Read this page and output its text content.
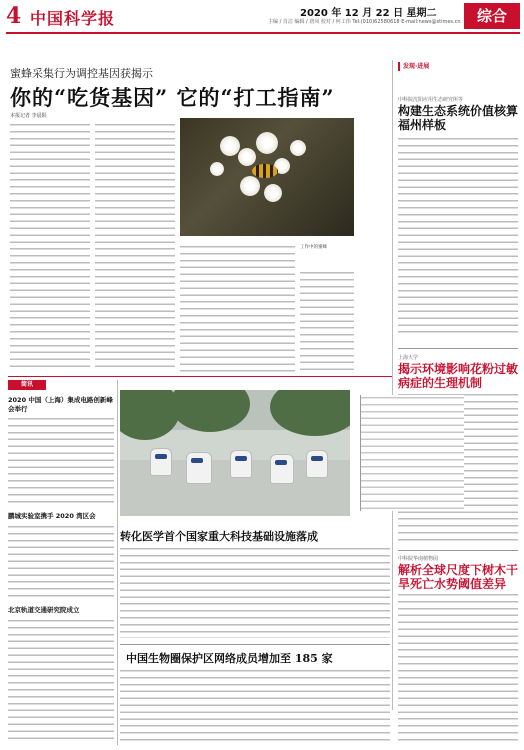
4 中国科学报	2020 年 12 月 22 日 星期二
主编 / 肖洁 编辑 / 唐凤 校对 / 何工伟 Tel:(010)62580618 E-mail:news@stimes.cn	综合
蜜蜂采集行为调控基因获揭示
你的“吃货基因” 它的“打工指南”
本报记者 李晨阳
工作中的蜜蜂
发现·进展
中科院沈阳应用生态研究所等
构建生态系统价值核算福州样板
上海大学
揭示环境影响花粉过敏病症的生理机制
中科院华南植物园
解析全球尺度下树木干旱死亡水势阈值差异
简讯
2020 中国（上海）集成电路创新峰会举行
鹏城实验室携手 2020 湾区会
北京轨道交通研究院成立
转化医学首个国家重大科技基础设施落成
中国生物圈保护区网络成员增加至 185 家
